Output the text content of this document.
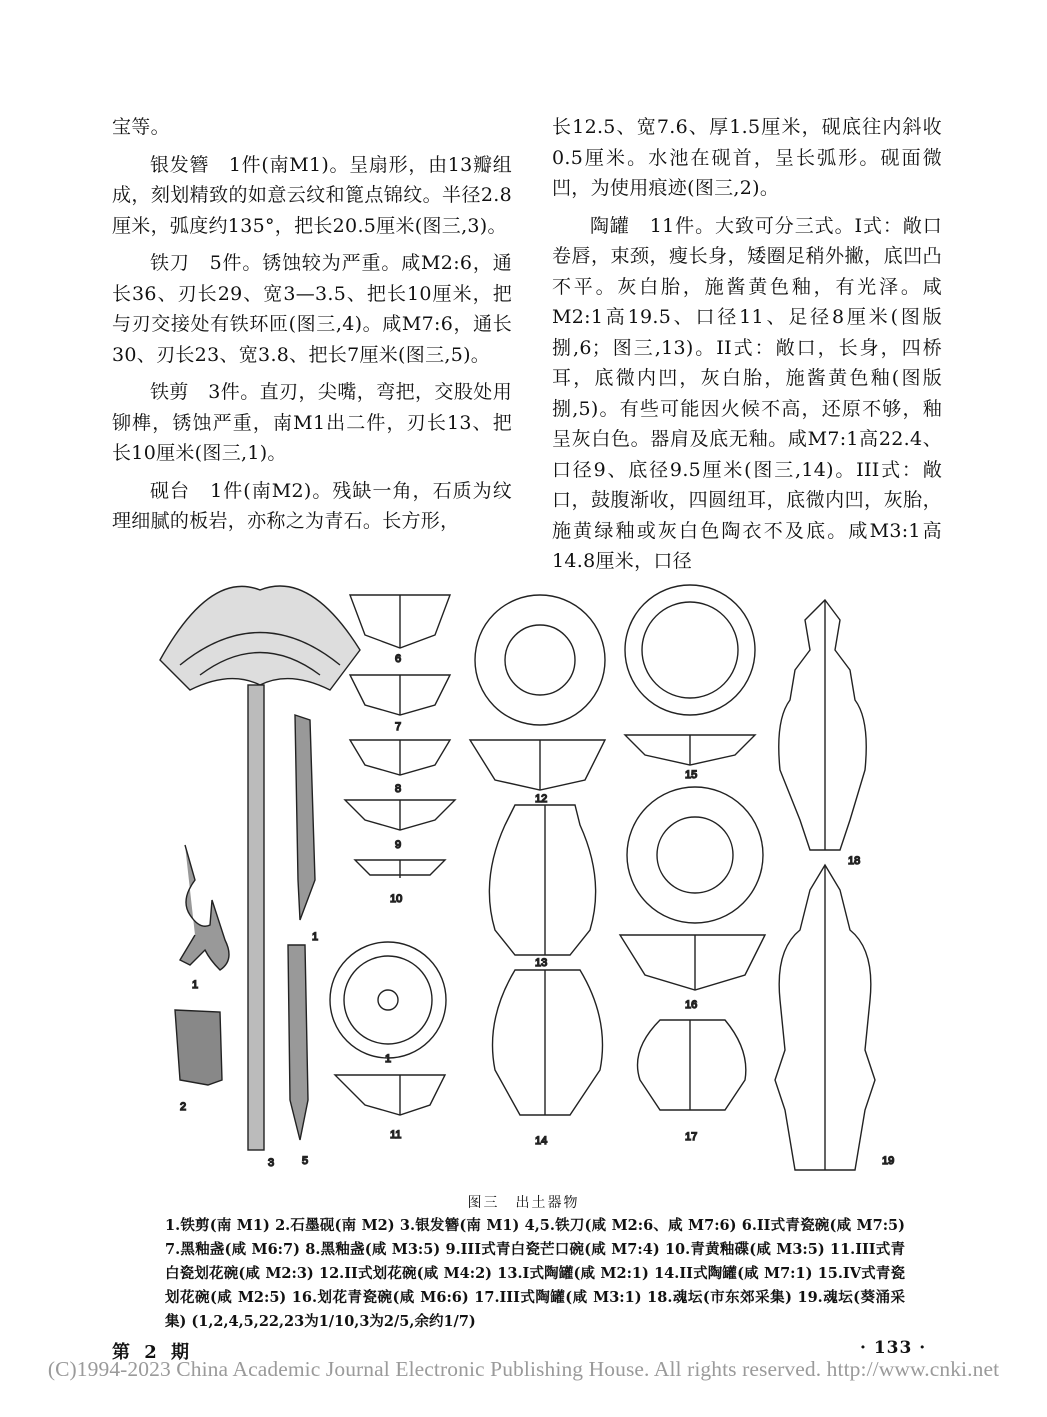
宝等。

银发簪　1件(南M1)。呈扇形，由13瓣组成，刻划精致的如意云纹和篦点锦纹。半径2.8厘米，弧度约135°，把长20.5厘米(图三,3)。

铁刀　5件。锈蚀较为严重。咸M2:6，通长36、刃长29、宽3—3.5、把长10厘米，把与刃交接处有铁环匝(图三,4)。咸M7:6，通长30、刃长23、宽3.8、把长7厘米(图三,5)。

铁剪　3件。直刃，尖嘴，弯把，交股处用铆榫，锈蚀严重，南M1出二件，刃长13、把长10厘米(图三,1)。

砚台　1件(南M2)。残缺一角，石质为纹理细腻的板岩，亦称之为青石。长方形，

长12.5、宽7.6、厚1.5厘米，砚底往内斜收0.5厘米。水池在砚首，呈长弧形。砚面微凹，为使用痕迹(图三,2)。

陶罐　11件。大致可分三式。I式：敞口卷唇，束颈，瘦长身，矮圈足稍外撇，底凹凸不平。灰白胎，施酱黄色釉，有光泽。咸M2:1高19.5、口径11、足径8厘米(图版捌,6；图三,13)。II式：敞口，长身，四桥耳，底微内凹，灰白胎，施酱黄色釉(图版捌,5)。有些可能因火候不高，还原不够，釉呈灰白色。器肩及底无釉。咸M7:1高22.4、口径9、底径9.5厘米(图三,14)。III式：敞口，鼓腹渐收，四圆纽耳，底微内凹，灰胎，施黄绿釉或灰白色陶衣不及底。咸M3:1高14.8厘米，口径

1
2
3
1
5
6
7
8
9
10
1
11
12
13
14
15
16
17
18
19
图三　出土器物
1.铁剪(南 M1) 2.石墨砚(南 M2) 3.银发簪(南 M1) 4,5.铁刀(咸 M2:6、咸 M7:6) 6.II式青瓷碗(咸 M7:5) 7.黑釉盏(咸 M6:7) 8.黑釉盏(咸 M3:5) 9.III式青白瓷芒口碗(咸 M7:4) 10.青黄釉碟(咸 M3:5) 11.III式青白瓷划花碗(咸 M2:3) 12.II式划花碗(咸 M4:2) 13.I式陶罐(咸 M2:1) 14.II式陶罐(咸 M7:1) 15.IV式青瓷划花碗(咸 M2:5) 16.划花青瓷碗(咸 M6:6) 17.III式陶罐(咸 M3:1) 18.魂坛(市东郊采集) 19.魂坛(葵涌采集) (1,2,4,5,22,23为1/10,3为2/5,余约1/7)
第 2 期	· 133 ·
(C)1994-2023 China Academic Journal Electronic Publishing House. All rights reserved. http://www.cnki.net
